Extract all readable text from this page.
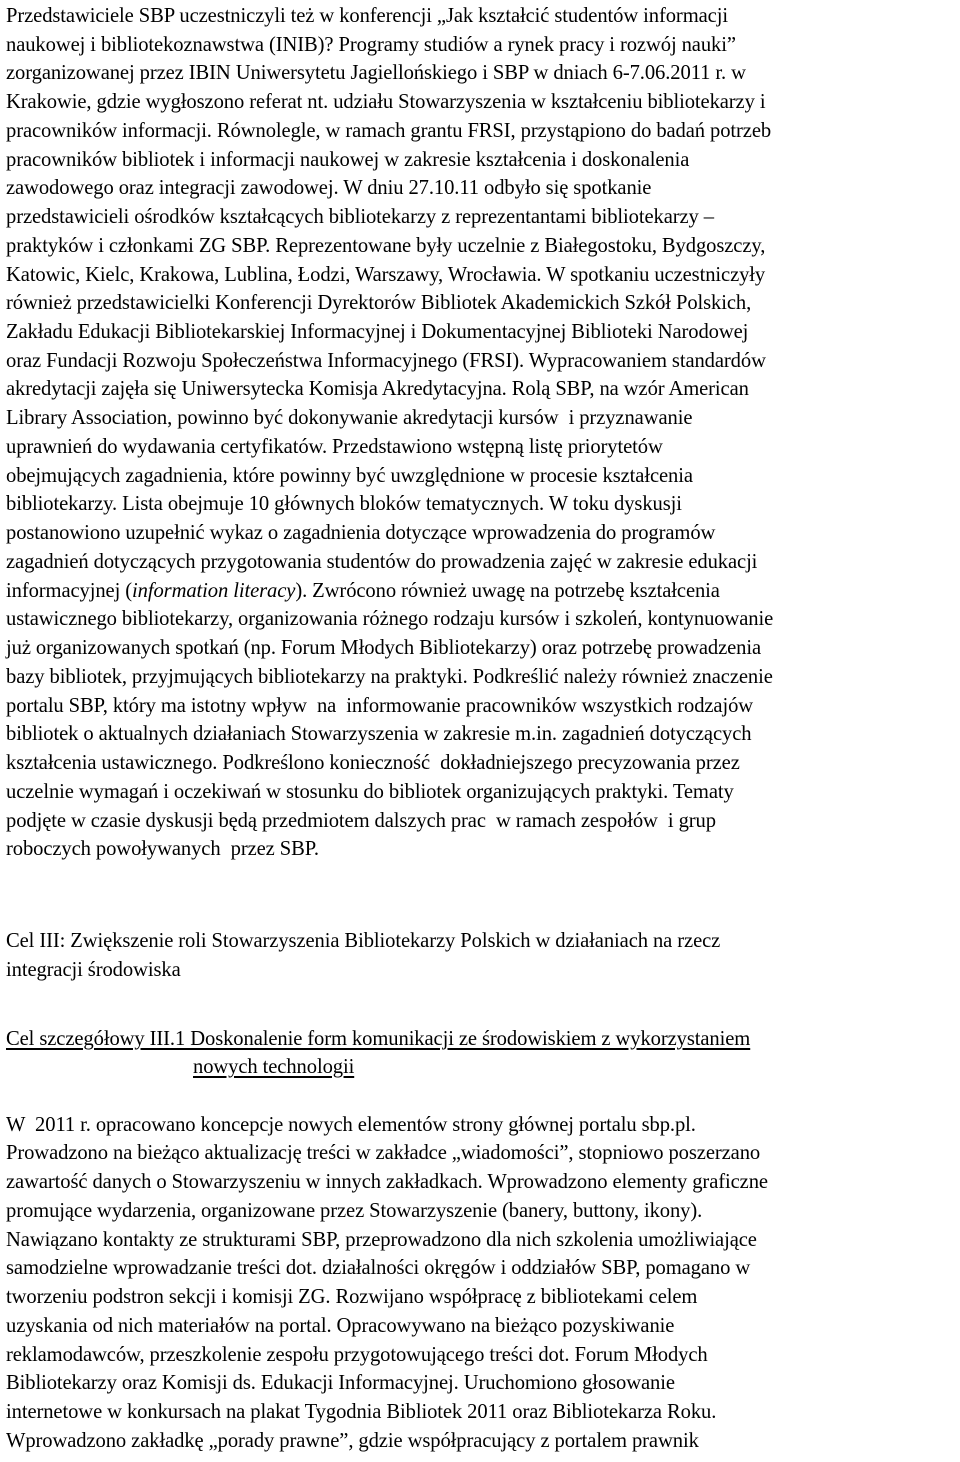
Przedstawiciele SBP uczestniczyli też w konferencji „Jak kształcić studentów informacji
naukowej i bibliotekoznawstwa (INIB)? Programy studiów a rynek pracy i rozwój nauki”
zorganizowanej przez IBIN Uniwersytetu Jagiellońskiego i SBP w dniach 6-7.06.2011 r. w
Krakowie, gdzie wygłoszono referat nt. udziału Stowarzyszenia w kształceniu bibliotekarzy i
pracowników informacji. Równolegle, w ramach grantu FRSI, przystąpiono do badań potrzeb
pracowników bibliotek i informacji naukowej w zakresie kształcenia i doskonalenia
zawodowego oraz integracji zawodowej. W dniu 27.10.11 odbyło się spotkanie
przedstawicieli ośrodków kształcących bibliotekarzy z reprezentantami bibliotekarzy –
praktyków i członkami ZG SBP. Reprezentowane były uczelnie z Białegostoku, Bydgoszczy,
Katowic, Kielc, Krakowa, Lublina, Łodzi, Warszawy, Wrocławia. W spotkaniu uczestniczyły
również przedstawicielki Konferencji Dyrektorów Bibliotek Akademickich Szkół Polskich,
Zakładu Edukacji Bibliotekarskiej Informacyjnej i Dokumentacyjnej Biblioteki Narodowej
oraz Fundacji Rozwoju Społeczeństwa Informacyjnego (FRSI). Wypracowaniem standardów
akredytacji zajęła się Uniwersytecka Komisja Akredytacyjna. Rolą SBP, na wzór American
Library Association, powinno być dokonywanie akredytacji kursów  i przyznawanie
uprawnień do wydawania certyfikatów. Przedstawiono wstępną listę priorytetów
obejmujących zagadnienia, które powinny być uwzględnione w procesie kształcenia
bibliotekarzy. Lista obejmuje 10 głównych bloków tematycznych. W toku dyskusji
postanowiono uzupełnić wykaz o zagadnienia dotyczące wprowadzenia do programów
zagadnień dotyczących przygotowania studentów do prowadzenia zajęć w zakresie edukacji
informacyjnej (information literacy). Zwrócono również uwagę na potrzebę kształcenia
ustawicznego bibliotekarzy, organizowania różnego rodzaju kursów i szkoleń, kontynuowanie
już organizowanych spotkań (np. Forum Młodych Bibliotekarzy) oraz potrzebę prowadzenia
bazy bibliotek, przyjmujących bibliotekarzy na praktyki. Podkreślić należy również znaczenie
portalu SBP, który ma istotny wpływ  na  informowanie pracowników wszystkich rodzajów
bibliotek o aktualnych działaniach Stowarzyszenia w zakresie m.in. zagadnień dotyczących
kształcenia ustawicznego. Podkreślono konieczność  dokładniejszego precyzowania przez
uczelnie wymagań i oczekiwań w stosunku do bibliotek organizujących praktyki. Tematy
podjęte w czasie dyskusji będą przedmiotem dalszych prac  w ramach zespołów  i grup
roboczych powoływanych  przez SBP.
Cel III: Zwiększenie roli Stowarzyszenia Bibliotekarzy Polskich w działaniach na rzecz
integracji środowiska
Cel szczegółowy III.1 Doskonalenie form komunikacji ze środowiskiem z wykorzystaniem
nowych technologii
W  2011 r. opracowano koncepcje nowych elementów strony głównej portalu sbp.pl.
Prowadzono na bieżąco aktualizację treści w zakładce „wiadomości”, stopniowo poszerzano
zawartość danych o Stowarzyszeniu w innych zakładkach. Wprowadzono elementy graficzne
promujące wydarzenia, organizowane przez Stowarzyszenie (banery, buttony, ikony).
Nawiązano kontakty ze strukturami SBP, przeprowadzono dla nich szkolenia umożliwiające
samodzielne wprowadzanie treści dot. działalności okręgów i oddziałów SBP, pomagano w
tworzeniu podstron sekcji i komisji ZG. Rozwijano współpracę z bibliotekami celem
uzyskania od nich materiałów na portal. Opracowywano na bieżąco pozyskiwanie
reklamodawców, przeszkolenie zespołu przygotowującego treści dot. Forum Młodych
Bibliotekarzy oraz Komisji ds. Edukacji Informacyjnej. Uruchomiono głosowanie
internetowe w konkursach na plakat Tygodnia Bibliotek 2011 oraz Bibliotekarza Roku.
Wprowadzono zakładkę „porady prawne”, gdzie współpracujący z portalem prawnik
